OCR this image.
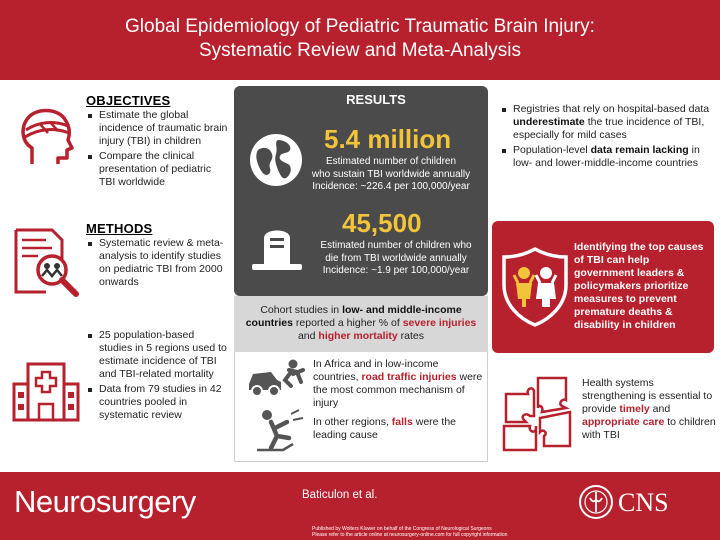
Global Epidemiology of Pediatric Traumatic Brain Injury:
Systematic Review and Meta-Analysis
OBJECTIVES
Estimate the global incidence of traumatic brain injury (TBI) in children
Compare the clinical presentation of pediatric TBI worldwide
METHODS
Systematic review & meta-analysis to identify studies on pediatric TBI from 2000 onwards
25 population-based studies in 5 regions used to estimate incidence of TBI and TBI-related mortality
Data from 79 studies in 42 countries pooled in systematic review
RESULTS
5.4 million
Estimated number of children
who sustain TBI worldwide annually
Incidence: ~226.4 per 100,000/year
45,500
Estimated number of children who
die from TBI worldwide annually
Incidence: ~1.9 per 100,000/year
Cohort studies in low- and middle-income countries reported a higher % of severe injuries and higher mortality rates
In Africa and in low-income countries, road traffic injuries were the most common mechanism of injury
In other regions, falls were the leading cause
Registries that rely on hospital-based data underestimate the true incidence of TBI, especially for mild cases
Population-level data remain lacking in low- and lower-middle-income countries
Identifying the top causes of TBI can help government leaders & policymakers prioritize measures to prevent premature deaths & disability in children
Health systems strengthening is essential to provide timely and appropriate care to children with TBI
Neurosurgery	Baticulon et al.
Published by Wolters Kluwer on behalf of the Congress of Neurological Surgeons
Please refer to the article online at neurosurgery-online.com for full copyright information
CNS
